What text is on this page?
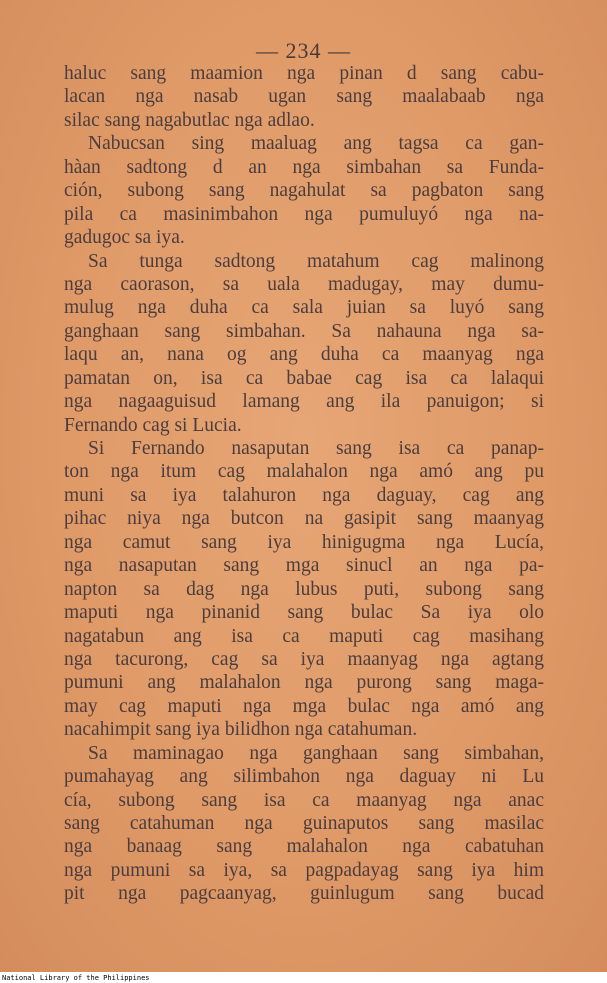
— 234 —
haluc sang maamion nga pinan d sang cabu-
lacan nga nasab ugan sang maalabaab nga
silac sang nagabutlac nga adlao.
Nabucsan sing maaluag ang tagsa ca gan-
hàan sadtong d an nga simbahan sa Funda-
ción, subong sang nagahulat sa pagbaton sang
pila ca masinimbahon nga pumuluyó nga na-
gadugoc sa iya.
Sa tunga sadtong matahum cag malinong
nga caorason, sa uala madugay, may dumu-
mulug nga duha ca sala juian sa luyó sang
ganghaan sang simbahan. Sa nahauna nga sa-
laqu an, nana og ang duha ca maanyag nga
pamatan on, isa ca babae cag isa ca lalaqui
nga nagaaguisud lamang ang ila panuigon; si
Fernando cag si Lucia.
Si Fernando nasaputan sang isa ca panap-
ton nga itum cag malahalon nga amó ang pu
muni sa iya talahuron nga daguay, cag ang
pihac niya nga butcon na gasipit sang maanyag
nga camut sang iya hinigugma nga Lucía,
nga nasaputan sang mga sinucl an nga pa-
napton sa dag nga lubus puti, subong sang
maputi nga pinanid sang bulac Sa iya olo
nagatabun ang isa ca maputi cag masihang
nga tacurong, cag sa iya maanyag nga agtang
pumuni ang malahalon nga purong sang maga-
may cag maputi nga mga bulac nga amó ang
nacahimpit sang iya bilidhon nga catahuman.
Sa maminagao nga ganghaan sang simbahan,
pumahayag ang silimbahon nga daguay ni Lu
cía, subong sang isa ca maanyag nga anac
sang catahuman nga guinaputos sang masilac
nga banaag sang malahalon nga cabatuhan
nga pumuni sa iya, sa pagpadayag sang iya him
pit nga pagcaanyag, guinlugum sang bucad
National Library of the Philippines
